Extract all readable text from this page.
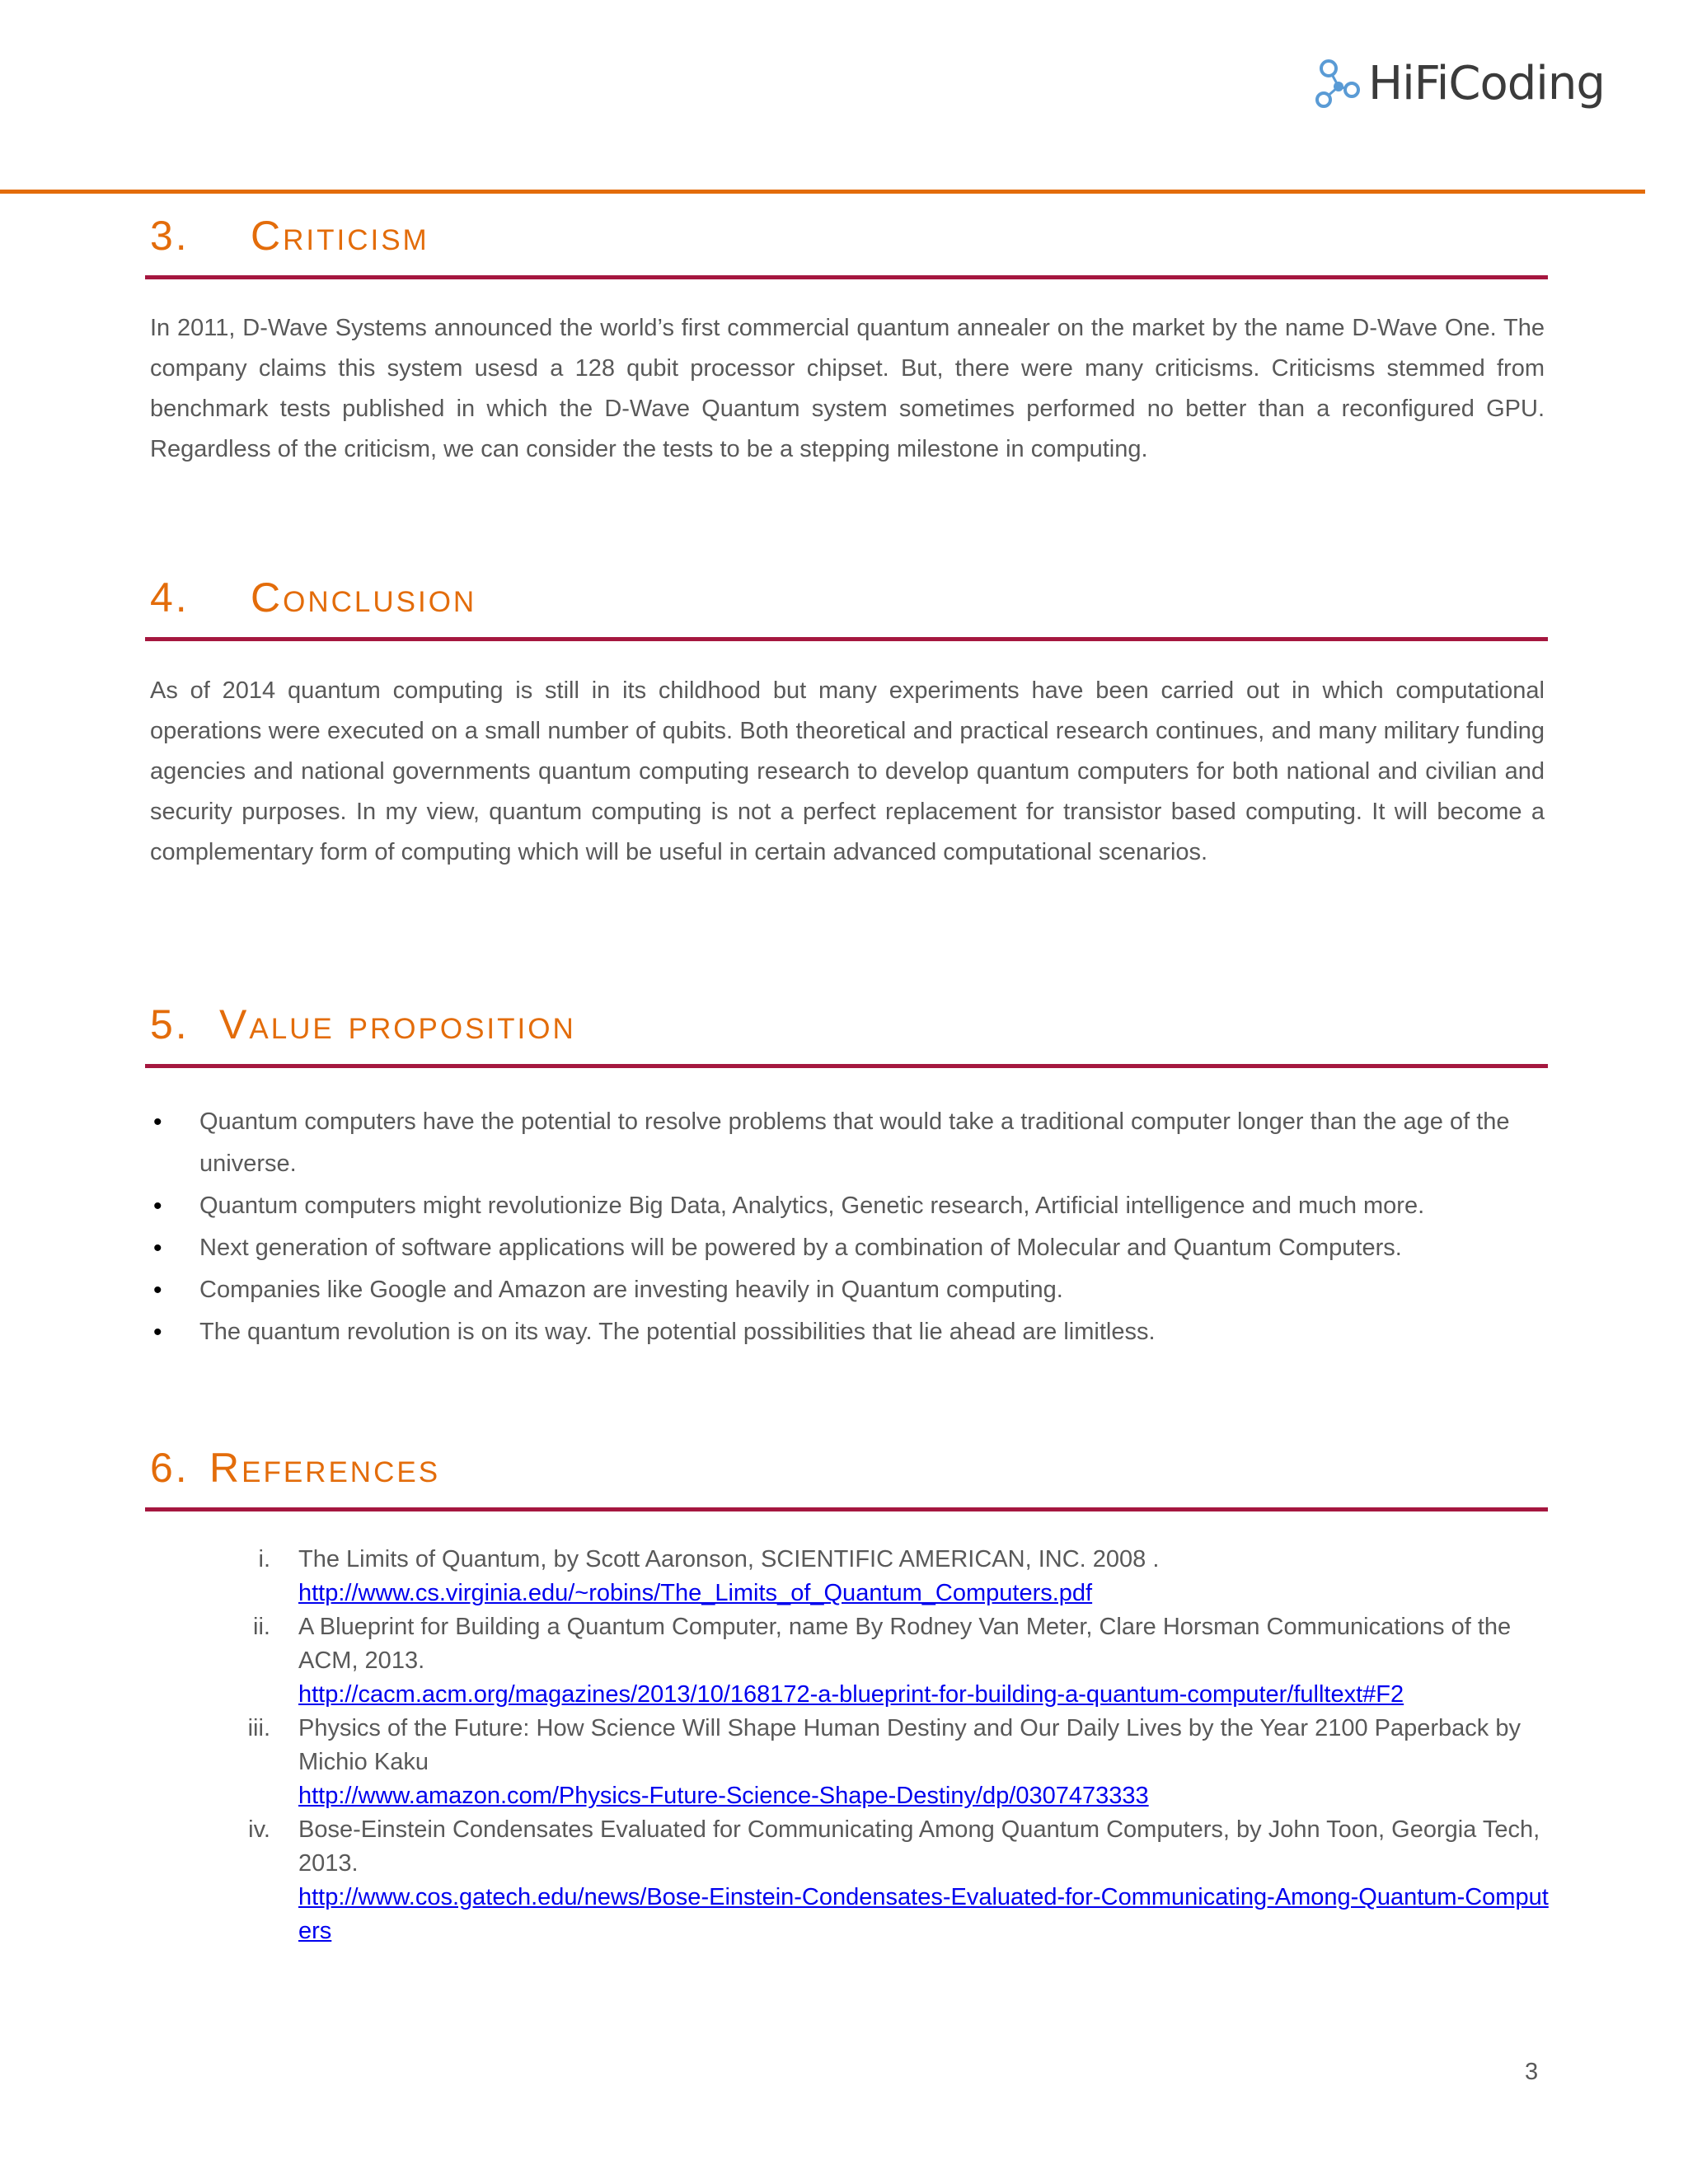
HiFiCoding
3. Criticism

In 2011, D-Wave Systems announced the world’s first commercial quantum annealer on the market by the name D-Wave One. The company claims this system usesd a 128 qubit processor chipset. But, there were many criticisms. Criticisms stemmed from benchmark tests published in which the D-Wave Quantum system sometimes performed no better than a reconfigured GPU. Regardless of the criticism, we can consider the tests to be a stepping milestone in computing.

4. Conclusion

As of 2014 quantum computing is still in its childhood but many experiments have been carried out in which computational operations were executed on a small number of qubits. Both theoretical and practical research continues, and many military funding agencies and national governments quantum computing research to develop quantum computers for both national and civilian and security purposes. In my view, quantum computing is not a perfect replacement for transistor based computing. It will become a complementary form of computing which will be useful in certain advanced computational scenarios.

5. Value proposition
• Quantum computers have the potential to resolve problems that would take a traditional computer longer than the age of the universe.
• Quantum computers might revolutionize Big Data, Analytics, Genetic research, Artificial intelligence and much more.
• Next generation of software applications will be powered by a combination of Molecular and Quantum Computers.
• Companies like Google and Amazon are investing heavily in Quantum computing.
• The quantum revolution is on its way. The potential possibilities that lie ahead are limitless.
6. References
i. The Limits of Quantum, by Scott Aaronson, SCIENTIFIC AMERICAN, INC. 2008 .
http://www.cs.virginia.edu/~robins/The_Limits_of_Quantum_Computers.pdf
ii. A Blueprint for Building a Quantum Computer, name By Rodney Van Meter, Clare Horsman Communications of the ACM, 2013.
http://cacm.acm.org/magazines/2013/10/168172-a-blueprint-for-building-a-quantum-computer/fulltext#F2
iii. Physics of the Future: How Science Will Shape Human Destiny and Our Daily Lives by the Year 2100 Paperback by Michio Kaku
http://www.amazon.com/Physics-Future-Science-Shape-Destiny/dp/0307473333
iv. Bose-Einstein Condensates Evaluated for Communicating Among Quantum Computers, by John Toon, Georgia Tech, 2013.
http://www.cos.gatech.edu/news/Bose-Einstein-Condensates-Evaluated-for-Communicating-Among-Quantum-Computers
3
